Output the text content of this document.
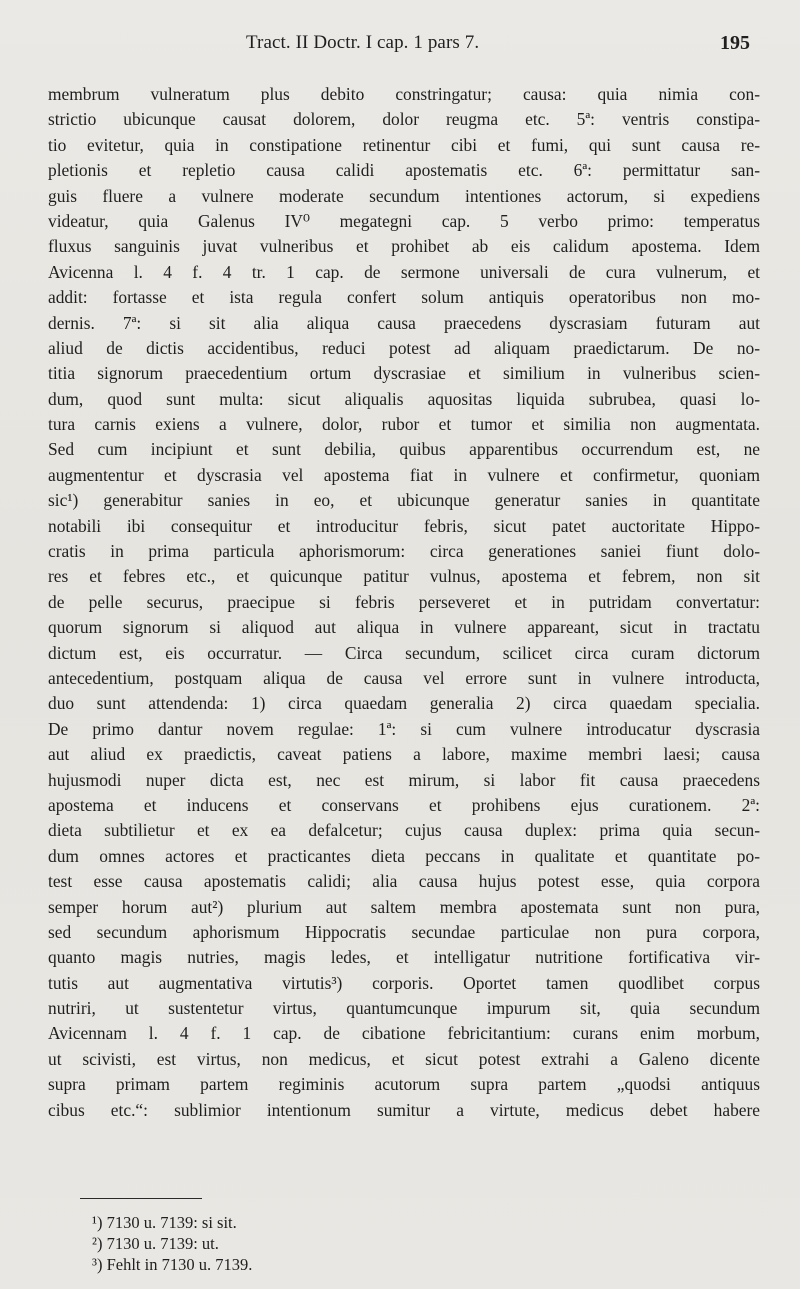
Tract. II Doctr. I cap. 1 pars 7.	195
membrum vulneratum plus debito constringatur; causa: quia nimia con-
strictio ubicunque causat dolorem, dolor reugma etc. 5ª: ventris constipa-
tio evitetur, quia in constipatione retinentur cibi et fumi, qui sunt causa re-
pletionis et repletio causa calidi apostematis etc. 6ª: permittatur san-
guis fluere a vulnere moderate secundum intentiones actorum, si expediens
videatur, quia Galenus IV⁰ megategni cap. 5 verbo primo: temperatus
fluxus sanguinis juvat vulneribus et prohibet ab eis calidum apostema. Idem
Avicenna l. 4 f. 4 tr. 1 cap. de sermone universali de cura vulnerum, et
addit: fortasse et ista regula confert solum antiquis operatoribus non mo-
dernis. 7ª: si sit alia aliqua causa praecedens dyscrasiam futuram aut
aliud de dictis accidentibus, reduci potest ad aliquam praedictarum. De no-
titia signorum praecedentium ortum dyscrasiae et similium in vulneribus scien-
dum, quod sunt multa: sicut aliqualis aquositas liquida subrubea, quasi lo-
tura carnis exiens a vulnere, dolor, rubor et tumor et similia non augmentata.
Sed cum incipiunt et sunt debilia, quibus apparentibus occurrendum est, ne
augmententur et dyscrasia vel apostema fiat in vulnere et confirmetur, quoniam
sic¹) generabitur sanies in eo, et ubicunque generatur sanies in quantitate
notabili ibi consequitur et introducitur febris, sicut patet auctoritate Hippo-
cratis in prima particula aphorismorum: circa generationes saniei fiunt dolo-
res et febres etc., et quicunque patitur vulnus, apostema et febrem, non sit
de pelle securus, praecipue si febris perseveret et in putridam convertatur:
quorum signorum si aliquod aut aliqua in vulnere appareant, sicut in tractatu
dictum est, eis occurratur. — Circa secundum, scilicet circa curam dictorum
antecedentium, postquam aliqua de causa vel errore sunt in vulnere introducta,
duo sunt attendenda: 1) circa quaedam generalia 2) circa quaedam specialia.
De primo dantur novem regulae: 1ª: si cum vulnere introducatur dyscrasia
aut aliud ex praedictis, caveat patiens a labore, maxime membri laesi; causa
hujusmodi nuper dicta est, nec est mirum, si labor fit causa praecedens
apostema et inducens et conservans et prohibens ejus curationem. 2ª:
dieta subtilietur et ex ea defalcetur; cujus causa duplex: prima quia secun-
dum omnes actores et practicantes dieta peccans in qualitate et quantitate po-
test esse causa apostematis calidi; alia causa hujus potest esse, quia corpora
semper horum aut²) plurium aut saltem membra apostemata sunt non pura,
sed secundum aphorismum Hippocratis secundae particulae non pura corpora,
quanto magis nutries, magis ledes, et intelligatur nutritione fortificativa vir-
tutis aut augmentativa virtutis³) corporis. Oportet tamen quodlibet corpus
nutriri, ut sustentetur virtus, quantumcunque impurum sit, quia secundum
Avicennam l. 4 f. 1 cap. de cibatione febricitantium: curans enim morbum,
ut scivisti, est virtus, non medicus, et sicut potest extrahi a Galeno dicente
supra primam partem regiminis acutorum supra partem „quodsi antiquus
cibus etc.“: sublimior intentionum sumitur a virtute, medicus debet habere
¹) 7130 u. 7139: si sit.
²) 7130 u. 7139: ut.
³) Fehlt in 7130 u. 7139.
